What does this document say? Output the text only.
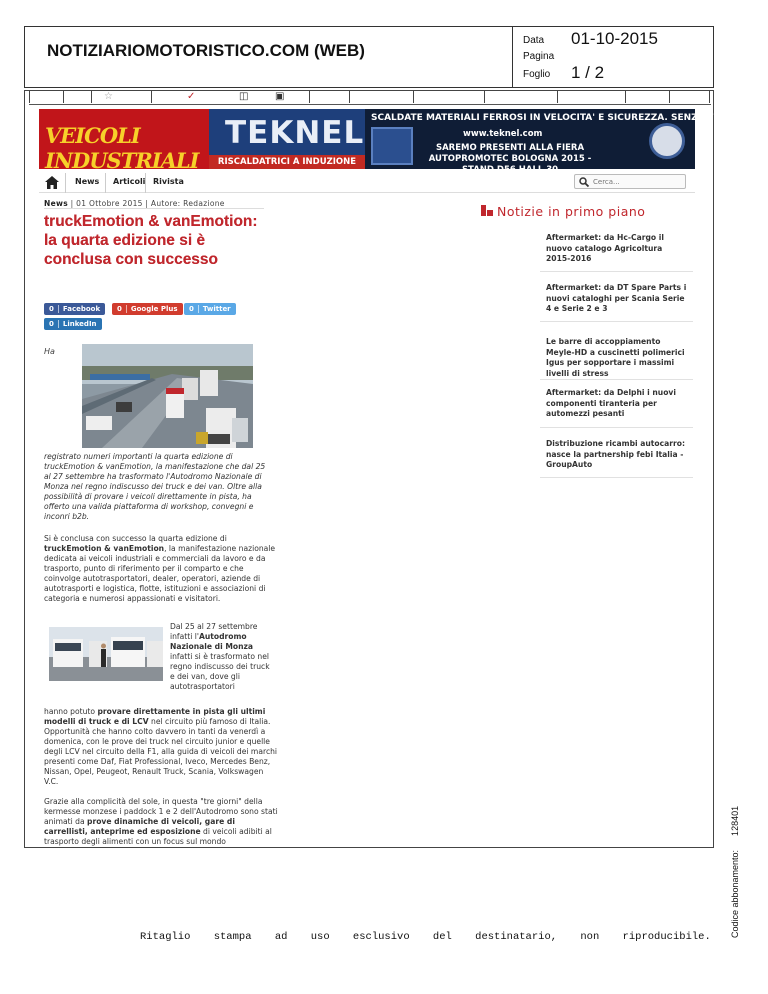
NOTIZIARIOMOTORISTICO.COM (WEB)
Data 01-10-2015
Pagina
Foglio 1 / 2
☆	✓	◫	▣
VEICOLI INDUSTRIALI
TEKNEL
RISCALDATRICI A INDUZIONE
SCALDATE MATERIALI FERROSI IN VELOCITA' E SICUREZZA. SENZA FIAMMA.
www.teknel.com
SAREMO PRESENTI ALLA FIERA AUTOPROMOTEC BOLOGNA 2015 - STAND D56 HALL 30
News Articoli Rivista
Cerca...
News | 01 Ottobre 2015 | Autore: Redazione
truckEmotion & vanEmotion: la quarta edizione si è conclusa con successo
0 Facebook	0 Google Plus	0 Twitter
0 LinkedIn
Ha
registrato numeri importanti la quarta edizione di truckEmotion & vanEmotion, la manifestazione che dal 25 al 27 settembre ha trasformato l'Autodromo Nazionale di Monza nel regno indiscusso dei truck e dei van. Oltre alla possibilità di provare i veicoli direttamente in pista, ha offerto una valida piattaforma di workshop, convegni e inconri b2b.
Si è conclusa con successo la quarta edizione di truckEmotion & vanEmotion, la manifestazione nazionale dedicata ai veicoli industriali e commerciali da lavoro e da trasporto, punto di riferimento per il comparto e che coinvolge autotrasportatori, dealer, operatori, aziende di autotrasporti e logistica, flotte, istituzioni e associazioni di categoria e numerosi appassionati e visitatori.
Dal 25 al 27 settembre infatti l'Autodromo Nazionale di Monza infatti si è trasformato nel regno indiscusso dei truck e dei van, dove gli autotrasportatori
hanno potuto provare direttamente in pista gli ultimi modelli di truck e di LCV nel circuito più famoso di Italia. Opportunità che hanno colto davvero in tanti da venerdì a domenica, con le prove dei truck nel circuito junior e quelle degli LCV nel circuito della F1, alla guida di veicoli dei marchi presenti come Daf, Fiat Professional, Iveco, Mercedes Benz, Nissan, Opel, Peugeot, Renault Truck, Scania, Volkswagen V.C.
Grazie alla complicità del sole, in questa "tre giorni" della kermesse monzese i paddock 1 e 2 dell'Autodromo sono stati animati da prove dinamiche di veicoli, gare di carrellisti, anteprime ed esposizione di veicoli adibiti al trasporto degli alimenti con un focus sul mondo
Notizie in primo piano
Aftermarket: da Hc-Cargo il nuovo catalogo Agricoltura 2015-2016
Aftermarket: da DT Spare Parts i nuovi cataloghi per Scania Serie 4 e Serie 2 e 3
Le barre di accoppiamento Meyle-HD a cuscinetti polimerici Igus per sopportare i massimi livelli di stress
Aftermarket: da Delphi i nuovi componenti tiranteria per automezzi pesanti
Distribuzione ricambi autocarro: nasce la partnership febi Italia - GroupAuto
Ritaglio stampa ad uso esclusivo del destinatario, non riproducibile. Codice abbonamento:128401
